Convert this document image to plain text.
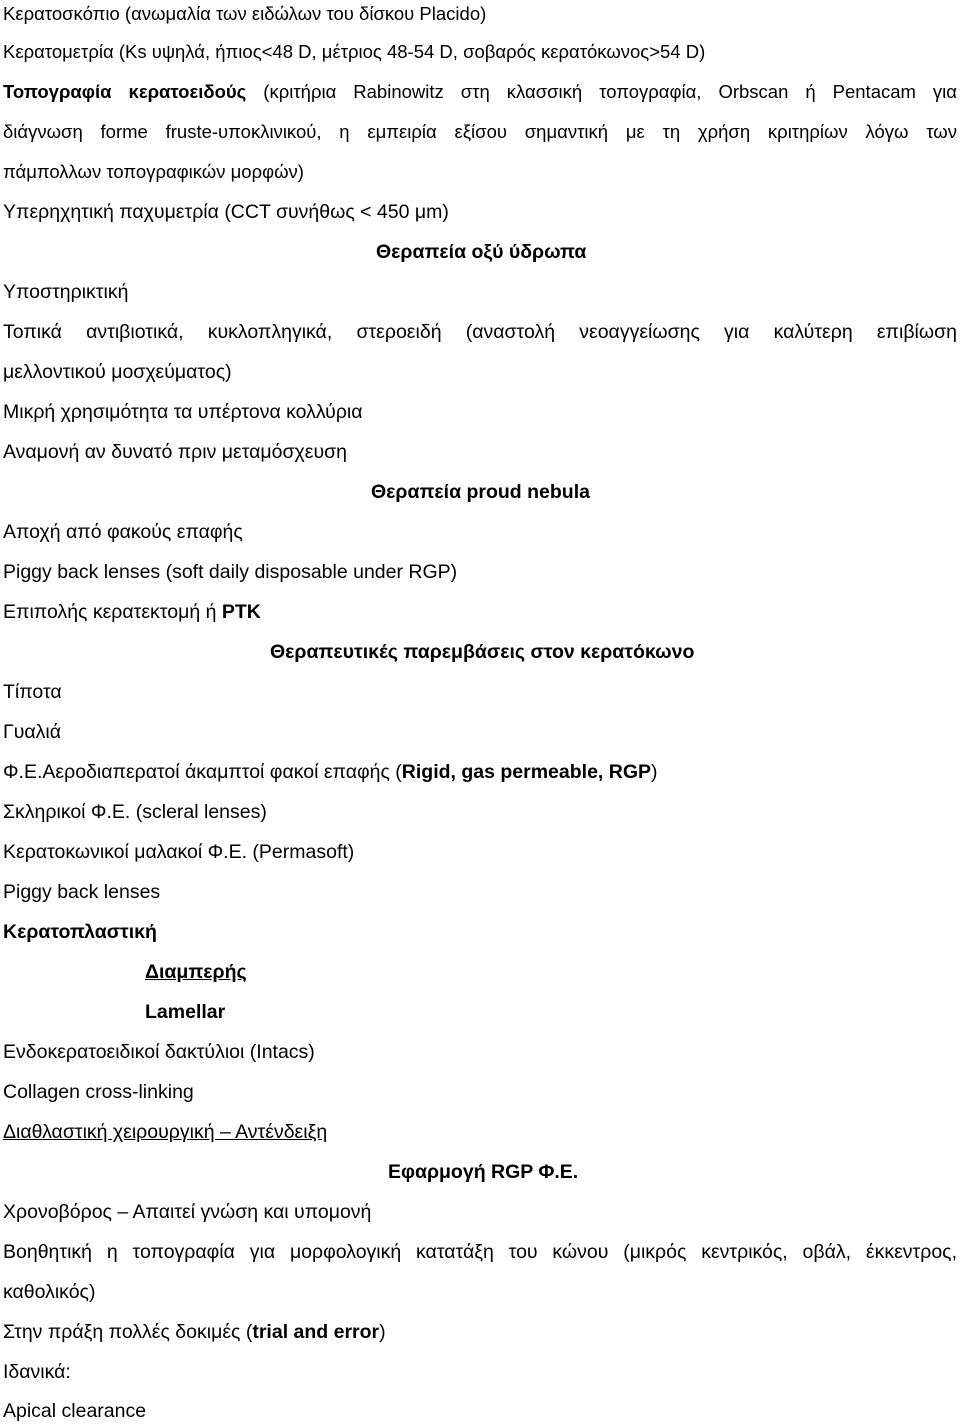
Κερατοσκόπιο (ανωμαλία των ειδώλων του δίσκου Placido)
Κερατομετρία (Ks υψηλά, ήπιος<48 D, μέτριος 48-54 D, σοβαρός κερατόκωνος>54 D)
Τοπογραφία κερατοειδούς (κριτήρια Rabinowitz στη κλασσική τοπογραφία, Orbscan ή Pentacam για
διάγνωση forme fruste-υποκλινικού, η εμπειρία εξίσου σημαντική με τη χρήση κριτηρίων λόγω των
πάμπολλων τοπογραφικών μορφών)
Υπερηχητική παχυμετρία (CCT συνήθως < 450 μm)
Θεραπεία οξύ ύδρωπα
Υποστηρικτική
Τοπικά αντιβιοτικά, κυκλοπληγικά, στεροειδή (αναστολή νεοαγγείωσης για καλύτερη επιβίωση
μελλοντικού μοσχεύματος)
Μικρή χρησιμότητα τα υπέρτονα κολλύρια
Αναμονή αν δυνατό πριν μεταμόσχευση
Θεραπεία proud nebula
Αποχή από φακούς επαφής
Piggy back lenses (soft daily disposable under RGP)
Επιπολής κερατεκτομή ή PTK
Θεραπευτικές παρεμβάσεις στον κερατόκωνο
Τίποτα
Γυαλιά
Φ.Ε.Αεροδιαπερατοί άκαμπτοί φακοί επαφής (Rigid, gas permeable, RGP)
Σκληρικοί Φ.Ε. (scleral lenses)
Κερατοκωνικοί μαλακοί Φ.Ε. (Permasoft)
Piggy back lenses
Κερατοπλαστική
Διαμπερής
Lamellar
Ενδοκερατοειδικοί δακτύλιοι (Intacs)
Collagen cross-linking
Διαθλαστική χειρουργική – Αντένδειξη
Εφαρμογή RGP Φ.Ε.
Χρονοβόρος – Απαιτεί γνώση και υπομονή
Βοηθητική η τοπογραφία για μορφολογική κατατάξη του κώνου (μικρός κεντρικός, οβάλ, έκκεντρος,
καθολικός)
Στην πράξη πολλές δοκιμές (trial and error)
Ιδανικά:
Apical clearance
